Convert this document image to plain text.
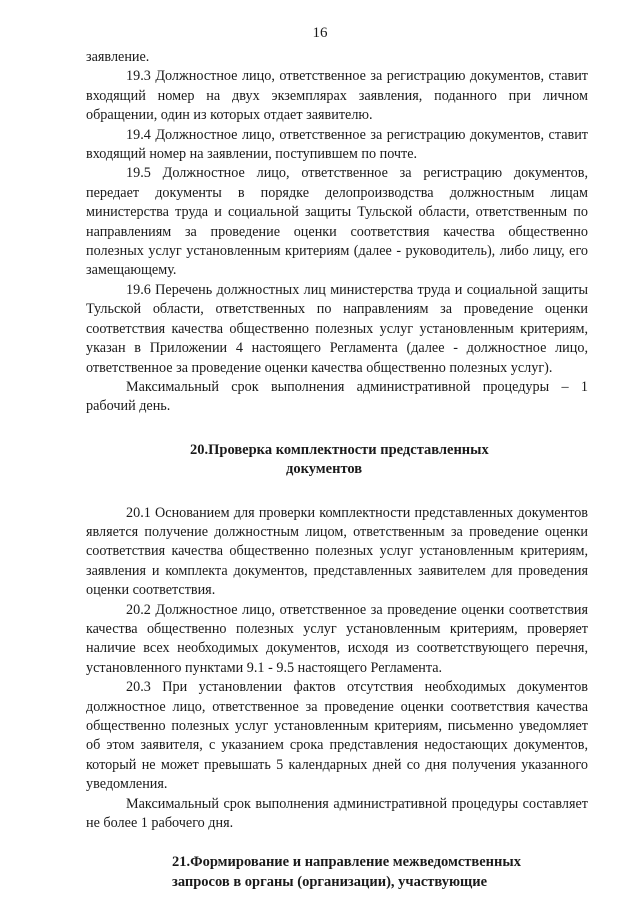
16

заявление.

19.3 Должностное лицо, ответственное за регистрацию документов, ставит входящий номер на двух экземплярах заявления, поданного при личном обращении, один из которых отдает заявителю.

19.4 Должностное лицо, ответственное за регистрацию документов, ставит входящий номер на заявлении, поступившем по почте.

19.5 Должностное лицо, ответственное за регистрацию документов, передает документы в порядке делопроизводства должностным лицам министерства труда и социальной защиты Тульской области, ответственным по направлениям за проведение оценки соответствия качества общественно полезных услуг установленным критериям (далее - руководитель), либо лицу, его замещающему.

19.6 Перечень должностных лиц министерства труда и социальной защиты Тульской области, ответственных по направлениям за проведение оценки соответствия качества общественно полезных услуг установленным критериям, указан в Приложении 4 настоящего Регламента (далее - должностное лицо, ответственное за проведение оценки качества общественно полезных услуг).

Максимальный срок выполнения административной процедуры – 1 рабочий день.

20.Проверка комплектности представленных
документов

20.1 Основанием для проверки комплектности представленных документов является получение должностным лицом, ответственным за проведение оценки соответствия качества общественно полезных услуг установленным критериям, заявления и комплекта документов, представленных заявителем для проведения оценки соответствия.

20.2 Должностное лицо, ответственное за проведение оценки соответствия качества общественно полезных услуг установленным критериям, проверяет наличие всех необходимых документов, исходя из соответствующего перечня, установленного пунктами 9.1 - 9.5 настоящего Регламента.

20.3 При установлении фактов отсутствия необходимых документов должностное лицо, ответственное за проведение оценки соответствия качества общественно полезных услуг установленным критериям, письменно уведомляет об этом заявителя, с указанием срока представления недостающих документов, который не может превышать 5 календарных дней со дня получения указанного уведомления.

Максимальный срок выполнения административной процедуры составляет не более 1 рабочего дня.

21.Формирование и направление межведомственных
запросов в органы (организации), участвующие
